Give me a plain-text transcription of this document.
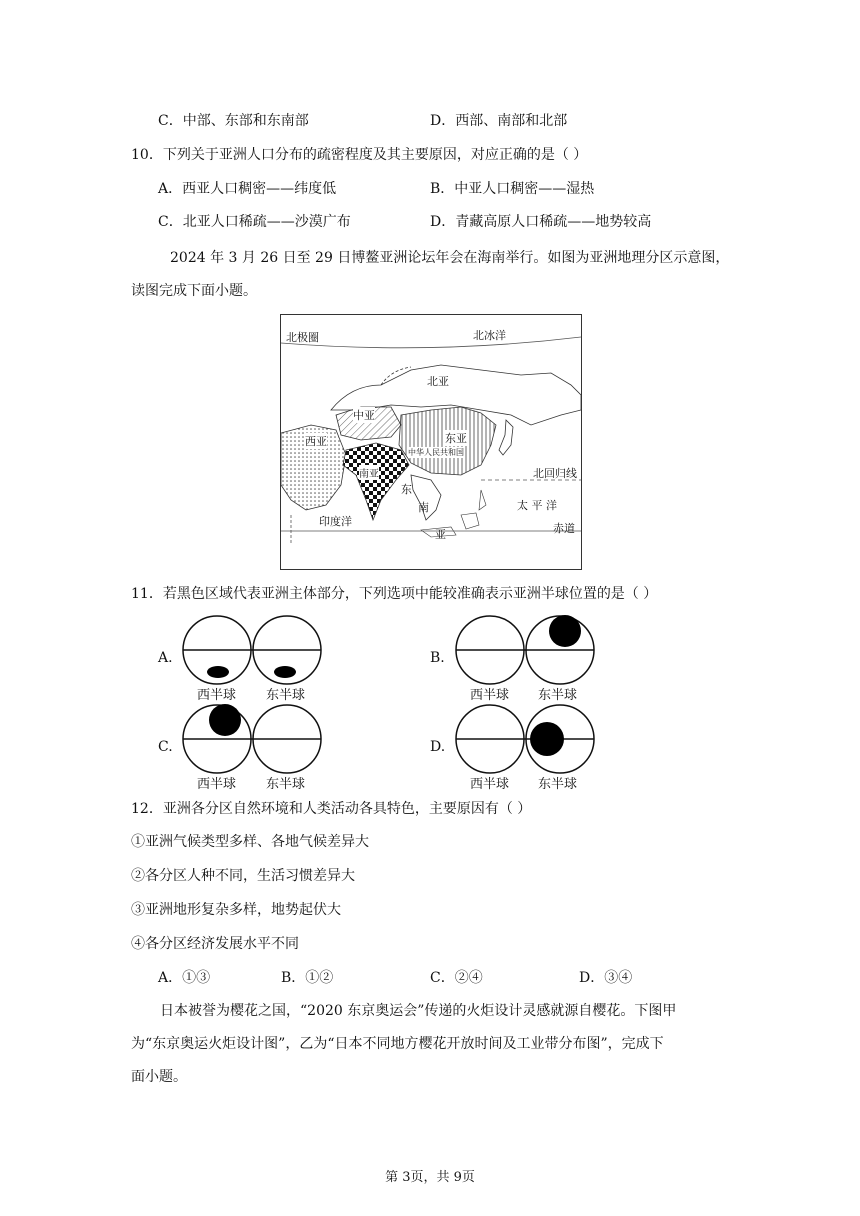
C．中部、东部和东南部	D．西部、南部和北部
10．下列关于亚洲人口分布的疏密程度及其主要原因，对应正确的是（ ）
A．西亚人口稠密——纬度低	B．中亚人口稠密——湿热
C．北亚人口稀疏——沙漠广布	D．青藏高原人口稀疏——地势较高
2024 年 3 月 26 日至 29 日博鳌亚洲论坛年会在海南举行。如图为亚洲地理分区示意图，
读图完成下面小题。
北极圈	北冰洋
北亚
中亚
东亚
西亚
中华人民共和国
南亚	北回归线
太 平 洋
印度洋
赤道
东
南
亚
11．若黑色区域代表亚洲主体部分，下列选项中能较准确表示亚洲半球位置的是（ ）
A.
西半球 东半球
B.
西半球 东半球
C.
西半球 东半球
D.
西半球 东半球
12．亚洲各分区自然环境和人类活动各具特色，主要原因有（ ）
①亚洲气候类型多样、各地气候差异大
②各分区人种不同，生活习惯差异大
③亚洲地形复杂多样，地势起伏大
④各分区经济发展水平不同
A．①③	B．①②	C．②④	D．③④
日本被誉为樱花之国，“2020 东京奥运会”传递的火炬设计灵感就源自樱花。下图甲
为“东京奥运火炬设计图”，乙为“日本不同地方樱花开放时间及工业带分布图”，完成下
面小题。
第 3页，共 9页
